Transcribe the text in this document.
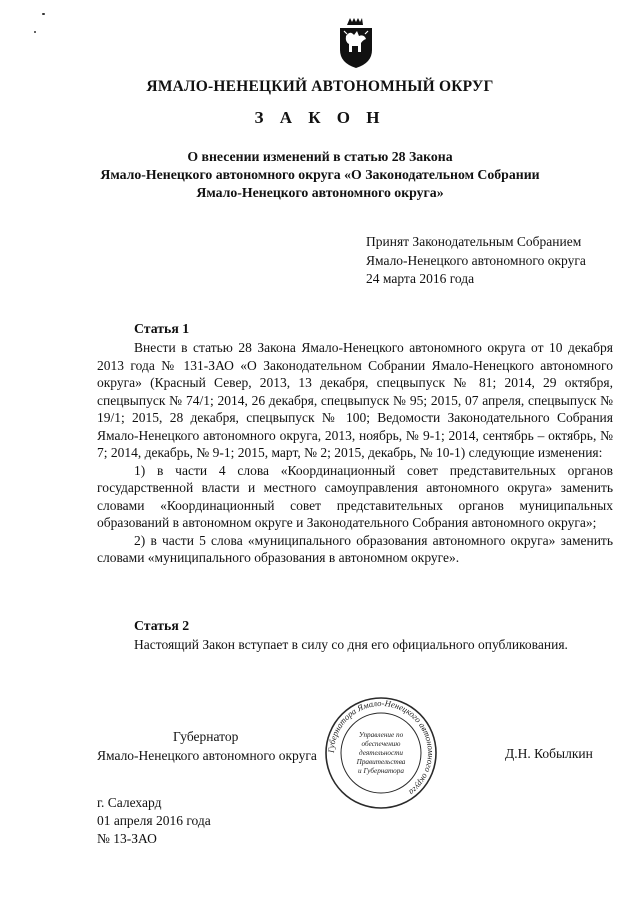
ЯМАЛО-НЕНЕЦКИЙ АВТОНОМНЫЙ ОКРУГ
З А К О Н
О внесении изменений в статью 28 Закона
Ямало-Ненецкого автономного округа «О Законодательном Собрании
Ямало-Ненецкого автономного округа»
Принят Законодательным Собранием
Ямало-Ненецкого автономного округа
24 марта 2016 года
Статья 1

Внести в статью 28 Закона Ямало-Ненецкого автономного округа от 10 декабря 2013 года № 131-ЗАО «О Законодательном Собрании Ямало-Ненецкого автономного округа» (Красный Север, 2013, 13 декабря, спецвыпуск № 81; 2014, 29 октября, спецвыпуск № 74/1; 2014, 26 декабря, спецвыпуск № 95; 2015, 07 апреля, спецвыпуск № 19/1; 2015, 28 декабря, спецвыпуск № 100; Ведомости Законодательного Собрания Ямало-Ненецкого автономного округа, 2013, ноябрь, № 9-1; 2014, сентябрь – октябрь, № 7; 2014, декабрь, № 9-1; 2015, март, № 2; 2015, декабрь, № 10-1) следующие изменения:

1) в части 4 слова «Координационный совет представительных органов государственной власти и местного самоуправления автономного округа» заменить словами «Координационный совет представительных органов муниципальных образований в автономном округе и Законодательного Собрания автономного округа»;

2) в части 5 слова «муниципального образования автономного округа» заменить словами «муниципального образования в автономном округе».

Статья 2

Настоящий Закон вступает в силу со дня его официального опубликования.

Губернатора Ямало-Ненецкого автономного округа
Управление по
обеспечению
деятельности
Правительства
и Губернатора
Губернатор
Ямало-Ненецкого автономного округа	Д.Н. Кобылкин
г. Салехард
01 апреля 2016 года
№ 13-ЗАО
